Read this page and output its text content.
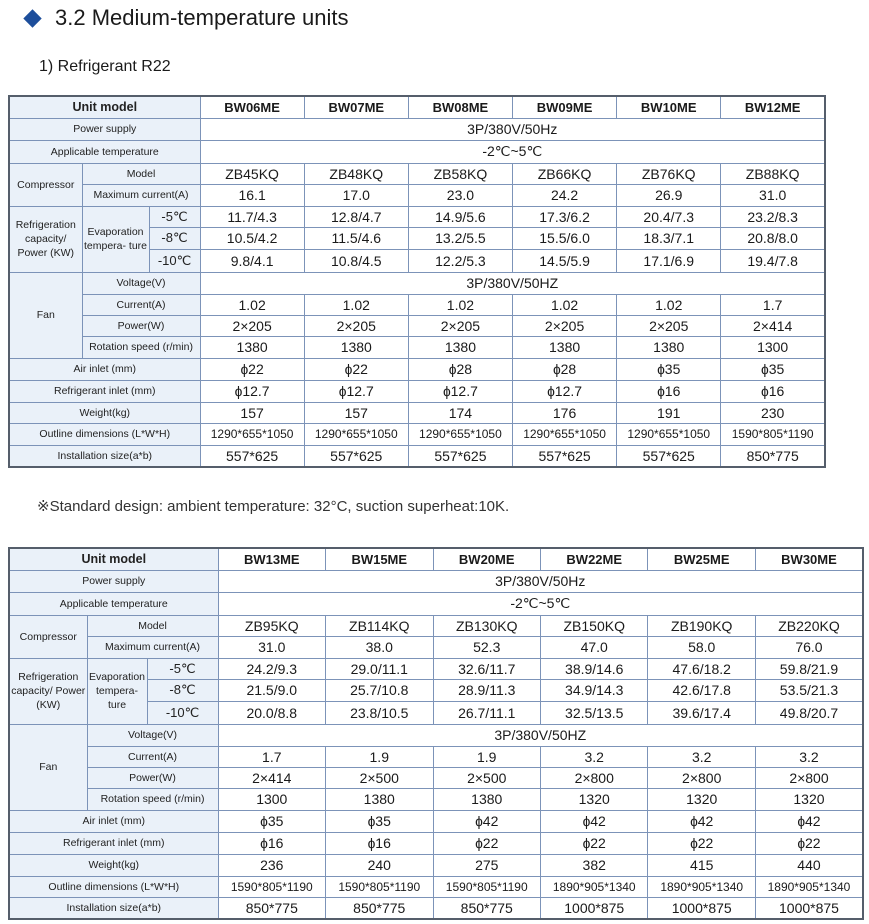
3.2 Medium-temperature units
1) Refrigerant R22
Unit model			BW06ME	BW07ME	BW08ME	BW09ME	BW10ME	BW12ME
Power supply			3P/380V/50Hz					
Applicable temperature			-2℃~5℃					
Compressor	Model		ZB45KQ	ZB48KQ	ZB58KQ	ZB66KQ	ZB76KQ	ZB88KQ
	Maximum current(A)		16.1	17.0	23.0	24.2	26.9	31.0
Refrigeration capacity/ Power (KW)	Evaporation tempera- ture	-5℃	11.7/4.3	12.8/4.7	14.9/5.6	17.3/6.2	20.4/7.3	23.2/8.3
		-8℃	10.5/4.2	11.5/4.6	13.2/5.5	15.5/6.0	18.3/7.1	20.8/8.0
		-10℃	9.8/4.1	10.8/4.5	12.2/5.3	14.5/5.9	17.1/6.9	19.4/7.8
Fan	Voltage(V)		3P/380V/50HZ					
	Current(A)		1.02	1.02	1.02	1.02	1.02	1.7
	Power(W)		2×205	2×205	2×205	2×205	2×205	2×414
	Rotation speed (r/min)		1380	1380	1380	1380	1380	1300
Air inlet (mm)			ɸ22	ɸ22	ɸ28	ɸ28	ɸ35	ɸ35
Refrigerant inlet (mm)			ɸ12.7	ɸ12.7	ɸ12.7	ɸ12.7	ɸ16	ɸ16
Weight(kg)			157	157	174	176	191	230
Outline dimensions (L*W*H)			1290*655*1050	1290*655*1050	1290*655*1050	1290*655*1050	1290*655*1050	1590*805*1190
Installation size(a*b)			557*625	557*625	557*625	557*625	557*625	850*775
※Standard design: ambient temperature: 32°C, suction superheat:10K.
Unit model			BW13ME	BW15ME	BW20ME	BW22ME	BW25ME	BW30ME
Power supply			3P/380V/50Hz					
Applicable temperature			-2℃~5℃					
Compressor	Model		ZB95KQ	ZB114KQ	ZB130KQ	ZB150KQ	ZB190KQ	ZB220KQ
	Maximum current(A)		31.0	38.0	52.3	47.0	58.0	76.0
Refrigeration capacity/ Power (KW)	Evaporation tempera- ture	-5℃	24.2/9.3	29.0/11.1	32.6/11.7	38.9/14.6	47.6/18.2	59.8/21.9
		-8℃	21.5/9.0	25.7/10.8	28.9/11.3	34.9/14.3	42.6/17.8	53.5/21.3
		-10℃	20.0/8.8	23.8/10.5	26.7/11.1	32.5/13.5	39.6/17.4	49.8/20.7
Fan	Voltage(V)		3P/380V/50HZ					
	Current(A)		1.7	1.9	1.9	3.2	3.2	3.2
	Power(W)		2×414	2×500	2×500	2×800	2×800	2×800
	Rotation speed (r/min)		1300	1380	1380	1320	1320	1320
Air inlet (mm)			ɸ35	ɸ35	ɸ42	ɸ42	ɸ42	ɸ42
Refrigerant inlet (mm)			ɸ16	ɸ16	ɸ22	ɸ22	ɸ22	ɸ22
Weight(kg)			236	240	275	382	415	440
Outline dimensions (L*W*H)			1590*805*1190	1590*805*1190	1590*805*1190	1890*905*1340	1890*905*1340	1890*905*1340
Installation size(a*b)			850*775	850*775	850*775	1000*875	1000*875	1000*875
